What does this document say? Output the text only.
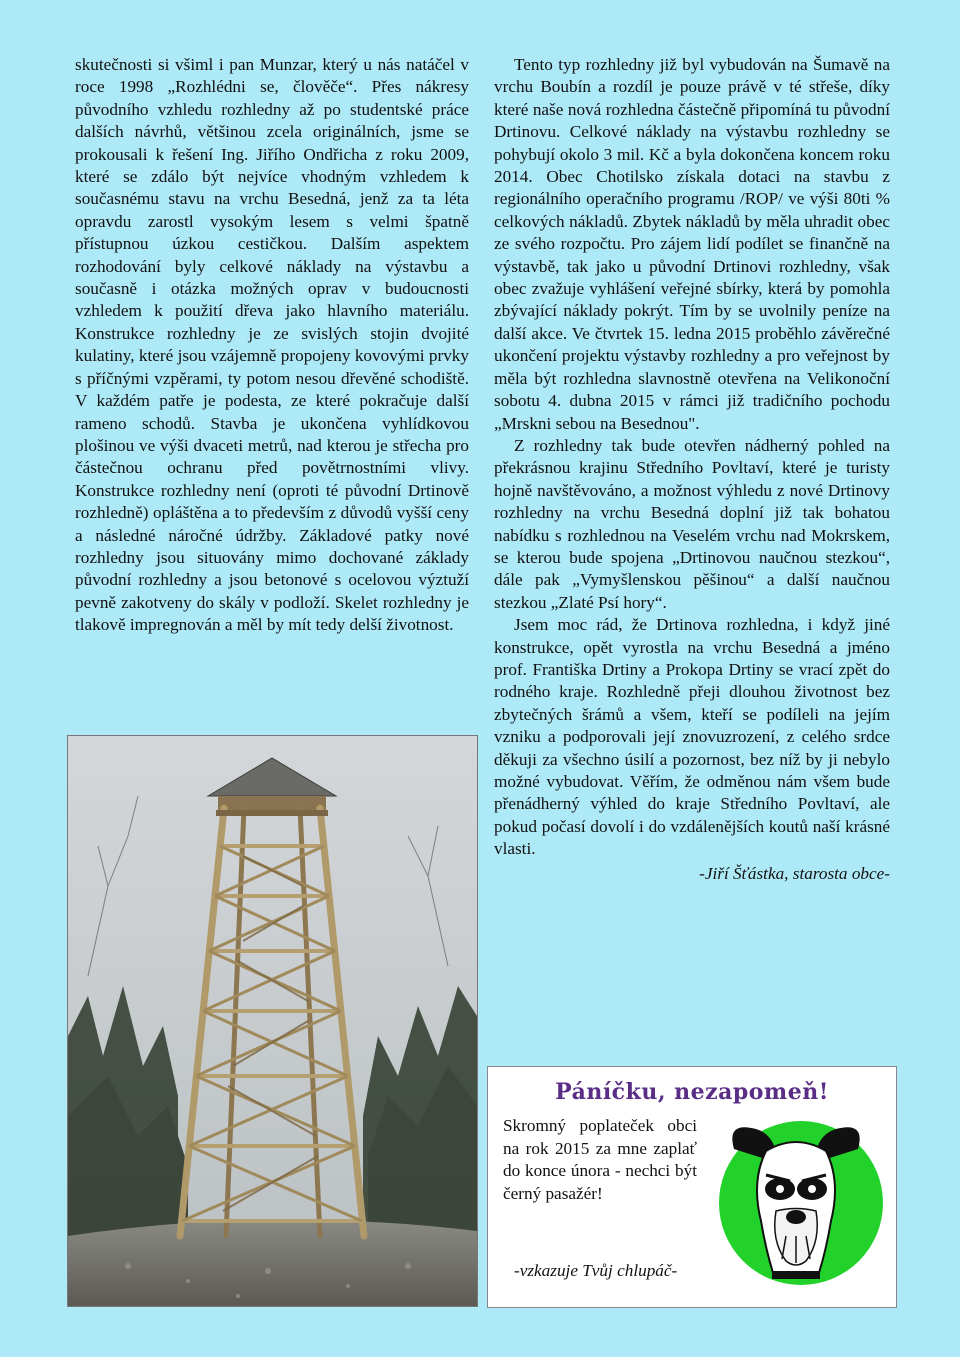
skutečnosti si všiml i pan Munzar, který u nás natáčel v roce 1998 „Rozhlédni se, člověče“. Přes nákresy původního vzhledu rozhledny až po studentské práce dalších návrhů, většinou zcela originálních, jsme se prokousali k řešení Ing. Jiřího Ondřicha z roku 2009, které se zdálo být nejvíce vhodným vzhledem k současnému stavu na vrchu Besedná, jenž za ta léta opravdu zarostl vysokým lesem s velmi špatně přístupnou úzkou cestičkou. Dalším aspektem rozhodování byly celkové náklady na výstavbu a současně i otázka možných oprav v budoucnosti vzhledem k použití dřeva jako hlavního materiálu. Konstrukce rozhledny je ze svislých stojin dvojité kulatiny, které jsou vzájemně propojeny kovovými prvky s příčnými vzpěrami, ty potom nesou dřevěné schodiště. V každém patře je podesta, ze které pokračuje další rameno schodů. Stavba je ukončena vyhlídkovou plošinou ve výši dvaceti metrů, nad kterou je střecha pro částečnou ochranu před povětrnostními vlivy. Konstrukce rozhledny není (oproti té původní Drtinově rozhledně) opláštěna a to především z důvodů vyšší ceny a následné náročné údržby. Základové patky nové rozhledny jsou situovány mimo dochované základy původní rozhledny a jsou betonové s ocelovou výztuží pevně zakotveny do skály v podloží. Skelet rozhledny je tlakově impregnován a měl by mít tedy delší životnost.

Tento typ rozhledny již byl vybudován na Šumavě na vrchu Boubín a rozdíl je pouze právě v té střeše, díky které naše nová rozhledna částečně připomíná tu původní Drtinovu. Celkové náklady na výstavbu rozhledny se pohybují okolo 3 mil. Kč a byla dokončena koncem roku 2014. Obec Chotilsko získala dotaci na stavbu z regionálního operačního programu /ROP/ ve výši 80ti % celkových nákladů. Zbytek nákladů by měla uhradit obec ze svého rozpočtu. Pro zájem lidí podílet se finančně na výstavbě, tak jako u původní Drtinovi rozhledny, však obec zvažuje vyhlášení veřejné sbírky, která by pomohla zbývající náklady pokrýt. Tím by se uvolnily peníze na další akce. Ve čtvrtek 15. ledna 2015 proběhlo závěrečné ukončení projektu výstavby rozhledny a pro veřejnost by měla být rozhledna slavnostně otevřena na Velikonoční sobotu 4. dubna 2015 v rámci již tradičního pochodu „Mrskni sebou na Besednou".

Z rozhledny tak bude otevřen nádherný pohled na překrásnou krajinu Středního Povltaví, které je turisty hojně navštěvováno, a možnost výhledu z nové Drtinovy rozhledny na vrchu Besedná doplní již tak bohatou nabídku s rozhlednou na Veselém vrchu nad Mokrskem, se kterou bude spojena „Drtinovou naučnou stezkou“, dále pak „Vymyšlenskou pěšinou“ a další naučnou stezkou „Zlaté Psí hory“.

Jsem moc rád, že Drtinova rozhledna, i když jiné konstrukce, opět vyrostla na vrchu Besedná a jméno prof. Františka Drtiny a Prokopa Drtiny se vrací zpět do rodného kraje. Rozhledně přeji dlouhou životnost bez zbytečných šrámů a všem, kteří se podíleli na jejím vzniku a podporovali její znovuzrození, z celého srdce děkuji za všechno úsilí a pozornost, bez níž by ji nebylo možné vybudovat. Věřím, že odměnou nám všem bude přenádherný výhled do kraje Středního Povltaví, ale pokud počasí dovolí i do vzdálenějších koutů naší krásné vlasti.

-Jiří Šťástka, starosta obce-

Páníčku, nezapomeň!
Skromný poplateček obci na rok 2015 za mne zaplať do konce února - nechci být černý pasažér!
-vzkazuje Tvůj chlupáč-
